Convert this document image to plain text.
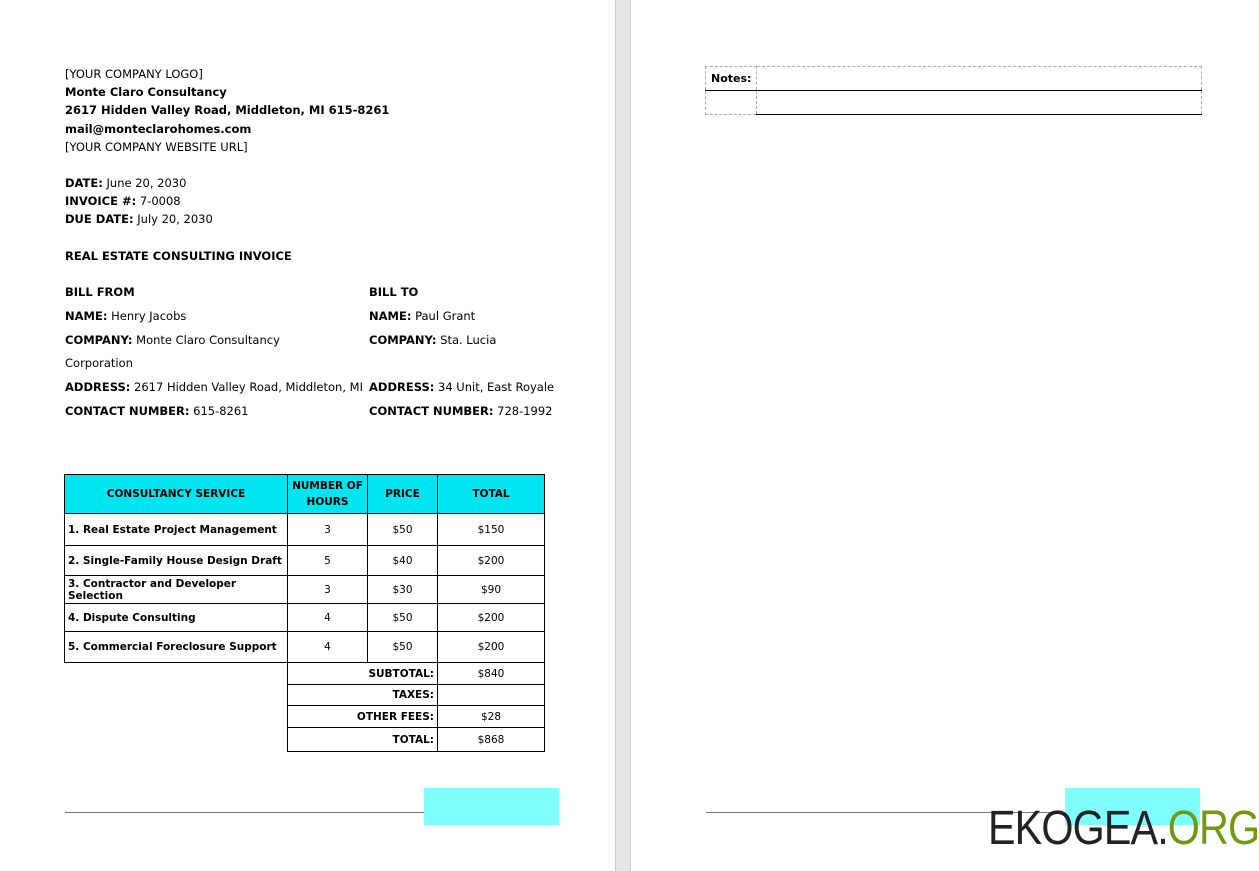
[YOUR COMPANY LOGO]
Monte Claro Consultancy
2617 Hidden Valley Road, Middleton, MI 615-8261
mail@monteclarohomes.com
[YOUR COMPANY WEBSITE URL]
DATE: June 20, 2030
INVOICE #: 7-0008
DUE DATE: July 20, 2030
REAL ESTATE CONSULTING INVOICE
BILL FROM
NAME: Henry Jacobs
COMPANY: Monte Claro Consultancy
Corporation
ADDRESS: 2617 Hidden Valley Road, Middleton, MI
CONTACT NUMBER: 615-8261
BILL TO
NAME: Paul Grant
COMPANY: Sta. Lucia
ADDRESS: 34 Unit, East Royale
CONTACT NUMBER: 728-1992
CONSULTANCY SERVICE	NUMBER OF HOURS	PRICE	TOTAL
1. Real Estate Project Management	3	$50	$150
2. Single-Family House Design Draft	5	$40	$200
3. Contractor and Developer Selection	3	$30	$90
4. Dispute Consulting	4	$50	$200
5. Commercial Foreclosure Support	4	$50	$200
	SUBTOTAL:		$840
	TAXES:		
	OTHER FEES:		$28
	TOTAL:		$868
Notes:	

EKOGEA.ORG
